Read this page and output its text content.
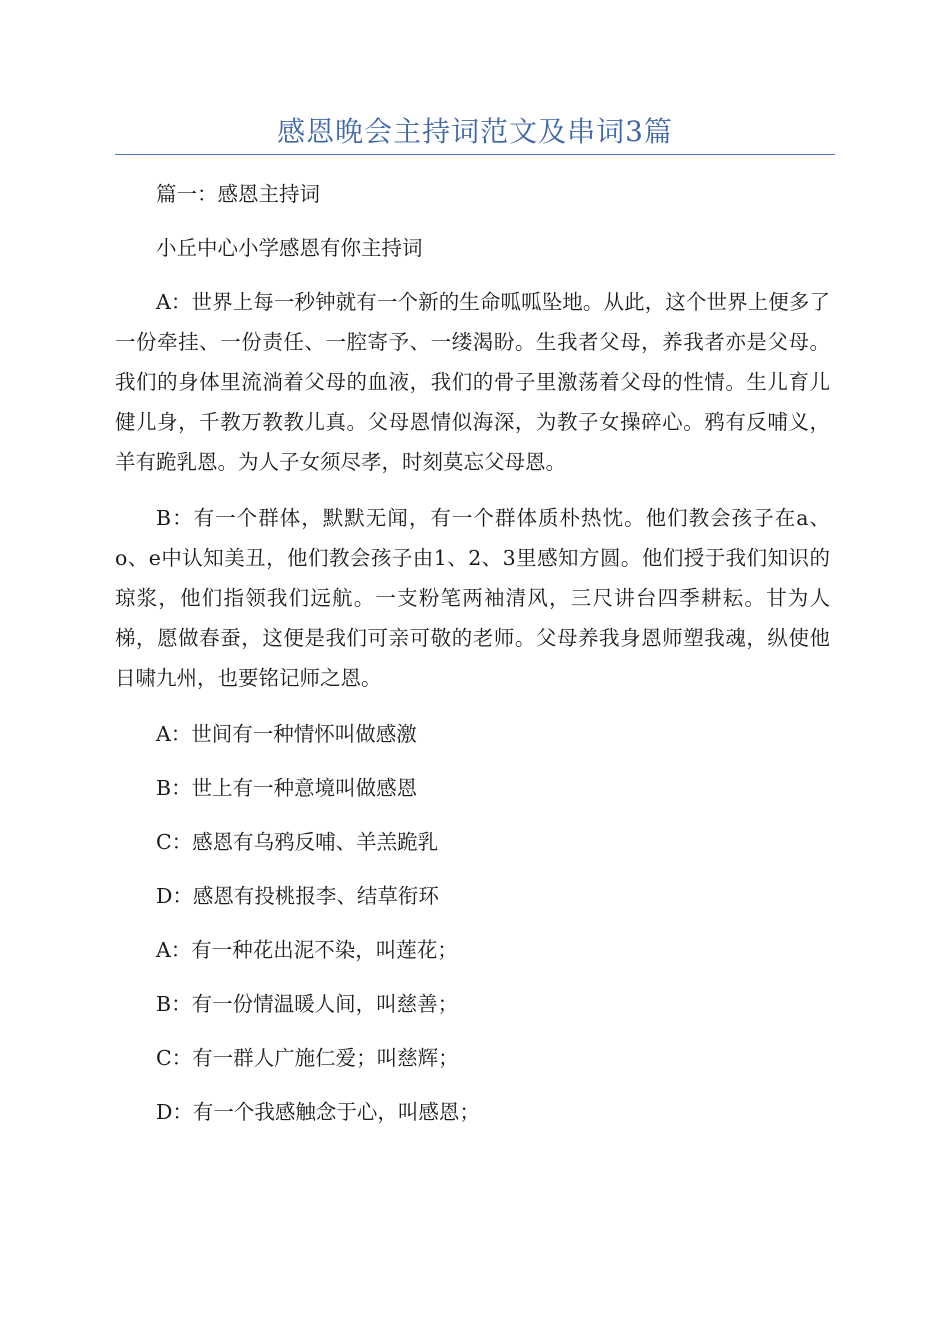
感恩晚会主持词范文及串词3篇

篇一：感恩主持词

小丘中心小学感恩有你主持词

A：世界上每一秒钟就有一个新的生命呱呱坠地。从此，这个世界上便多了一份牵挂、一份责任、一腔寄予、一缕渴盼。生我者父母，养我者亦是父母。我们的身体里流淌着父母的血液，我们的骨子里激荡着父母的性情。生儿育儿健儿身，千教万教教儿真。父母恩情似海深，为教子女操碎心。鸦有反哺义，羊有跪乳恩。为人子女须尽孝，时刻莫忘父母恩。

B：有一个群体，默默无闻，有一个群体质朴热忱。他们教会孩子在a、o、e中认知美丑，他们教会孩子由1、2、3里感知方圆。他们授于我们知识的琼浆，他们指领我们远航。一支粉笔两袖清风，三尺讲台四季耕耘。甘为人梯，愿做春蚕，这便是我们可亲可敬的老师。父母养我身恩师塑我魂，纵使他日啸九州，也要铭记师之恩。

A：世间有一种情怀叫做感激

B：世上有一种意境叫做感恩

C：感恩有乌鸦反哺、羊羔跪乳

D：感恩有投桃报李、结草衔环

A：有一种花出泥不染，叫莲花；

B：有一份情温暖人间，叫慈善；

C：有一群人广施仁爱；叫慈辉；

D：有一个我感触念于心，叫感恩；
